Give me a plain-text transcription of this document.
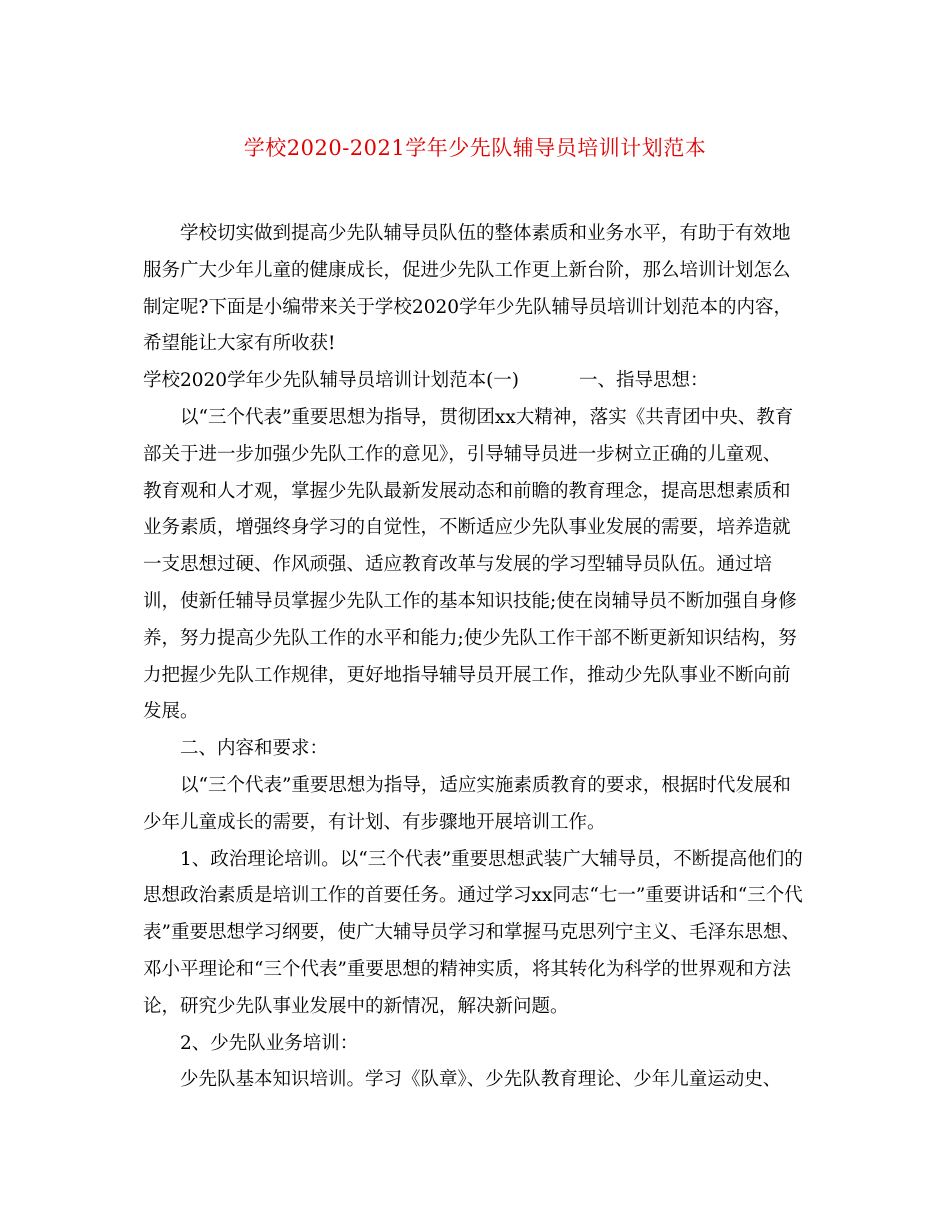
学校2020-2021学年少先队辅导员培训计划范本
学校切实做到提高少先队辅导员队伍的整体素质和业务水平，有助于有效地
服务广大少年儿童的健康成长，促进少先队工作更上新台阶，那么培训计划怎么
制定呢?下面是小编带来关于学校2020学年少先队辅导员培训计划范本的内容，
希望能让大家有所收获!
学校2020学年少先队辅导员培训计划范本(一)	一、指导思想：
以“三个代表”重要思想为指导，贯彻团xx大精神，落实《共青团中央、教育
部关于进一步加强少先队工作的意见》，引导辅导员进一步树立正确的儿童观、
教育观和人才观，掌握少先队最新发展动态和前瞻的教育理念，提高思想素质和
业务素质，增强终身学习的自觉性，不断适应少先队事业发展的需要，培养造就
一支思想过硬、作风顽强、适应教育改革与发展的学习型辅导员队伍。通过培
训，使新任辅导员掌握少先队工作的基本知识技能;使在岗辅导员不断加强自身修
养，努力提高少先队工作的水平和能力;使少先队工作干部不断更新知识结构，努
力把握少先队工作规律，更好地指导辅导员开展工作，推动少先队事业不断向前
发展。
二、内容和要求：
以“三个代表”重要思想为指导，适应实施素质教育的要求，根据时代发展和
少年儿童成长的需要，有计划、有步骤地开展培训工作。
1、政治理论培训。以“三个代表”重要思想武装广大辅导员，不断提高他们的
思想政治素质是培训工作的首要任务。通过学习xx同志“七一”重要讲话和“三个代
表”重要思想学习纲要，使广大辅导员学习和掌握马克思列宁主义、毛泽东思想、
邓小平理论和“三个代表”重要思想的精神实质，将其转化为科学的世界观和方法
论，研究少先队事业发展中的新情况，解决新问题。
2、少先队业务培训：
少先队基本知识培训。学习《队章》、少先队教育理论、少年儿童运动史、
